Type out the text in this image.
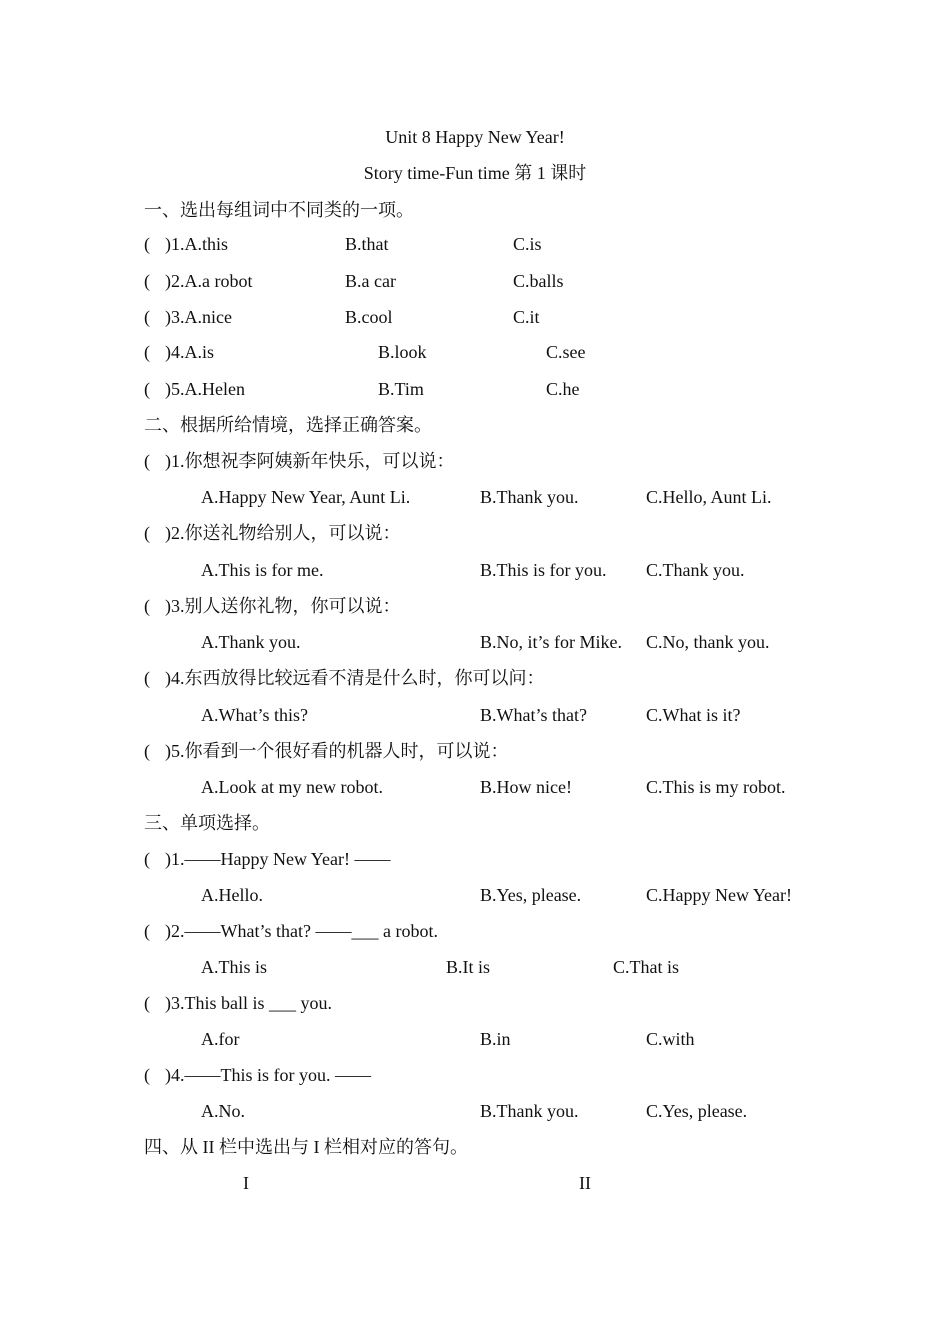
Unit 8 Happy New Year!
Story time-Fun time 第 1 课时
一、选出每组词中不同类的一项。
( )1.A.this	B.that	C.is
( )2.A.a robot	B.a car	C.balls
( )3.A.nice	B.cool	C.it
( )4.A.is	B.look	C.see
( )5.A.Helen	B.Tim	C.he
二、根据所给情境，选择正确答案。
( )1.你想祝李阿姨新年快乐，可以说：
A.Happy New Year, Aunt Li.	B.Thank you.	C.Hello, Aunt Li.
( )2.你送礼物给别人，可以说：
A.This is for me.	B.This is for you. C.Thank you.
( )3.别人送你礼物，你可以说：
A.Thank you.	B.No, it’s for Mike. C.No, thank you.
( )4.东西放得比较远看不清是什么时，你可以问：
A.What’s this?	B.What’s that?	C.What is it?
( )5.你看到一个很好看的机器人时，可以说：
A.Look at my new robot.	B.How nice!	C.This is my robot.
三、单项选择。
( )1.——Happy New Year! ——
A.Hello.	B.Yes, please.	C.Happy New Year!
( )2.——What’s that? ——___ a robot.
A.This is	B.It is	C.That is
( )3.This ball is ___ you.
A.for	B.in	C.with
( )4.——This is for you. ——
A.No.	B.Thank you.	C.Yes, please.
四、从 II 栏中选出与 I 栏相对应的答句。
I	II
